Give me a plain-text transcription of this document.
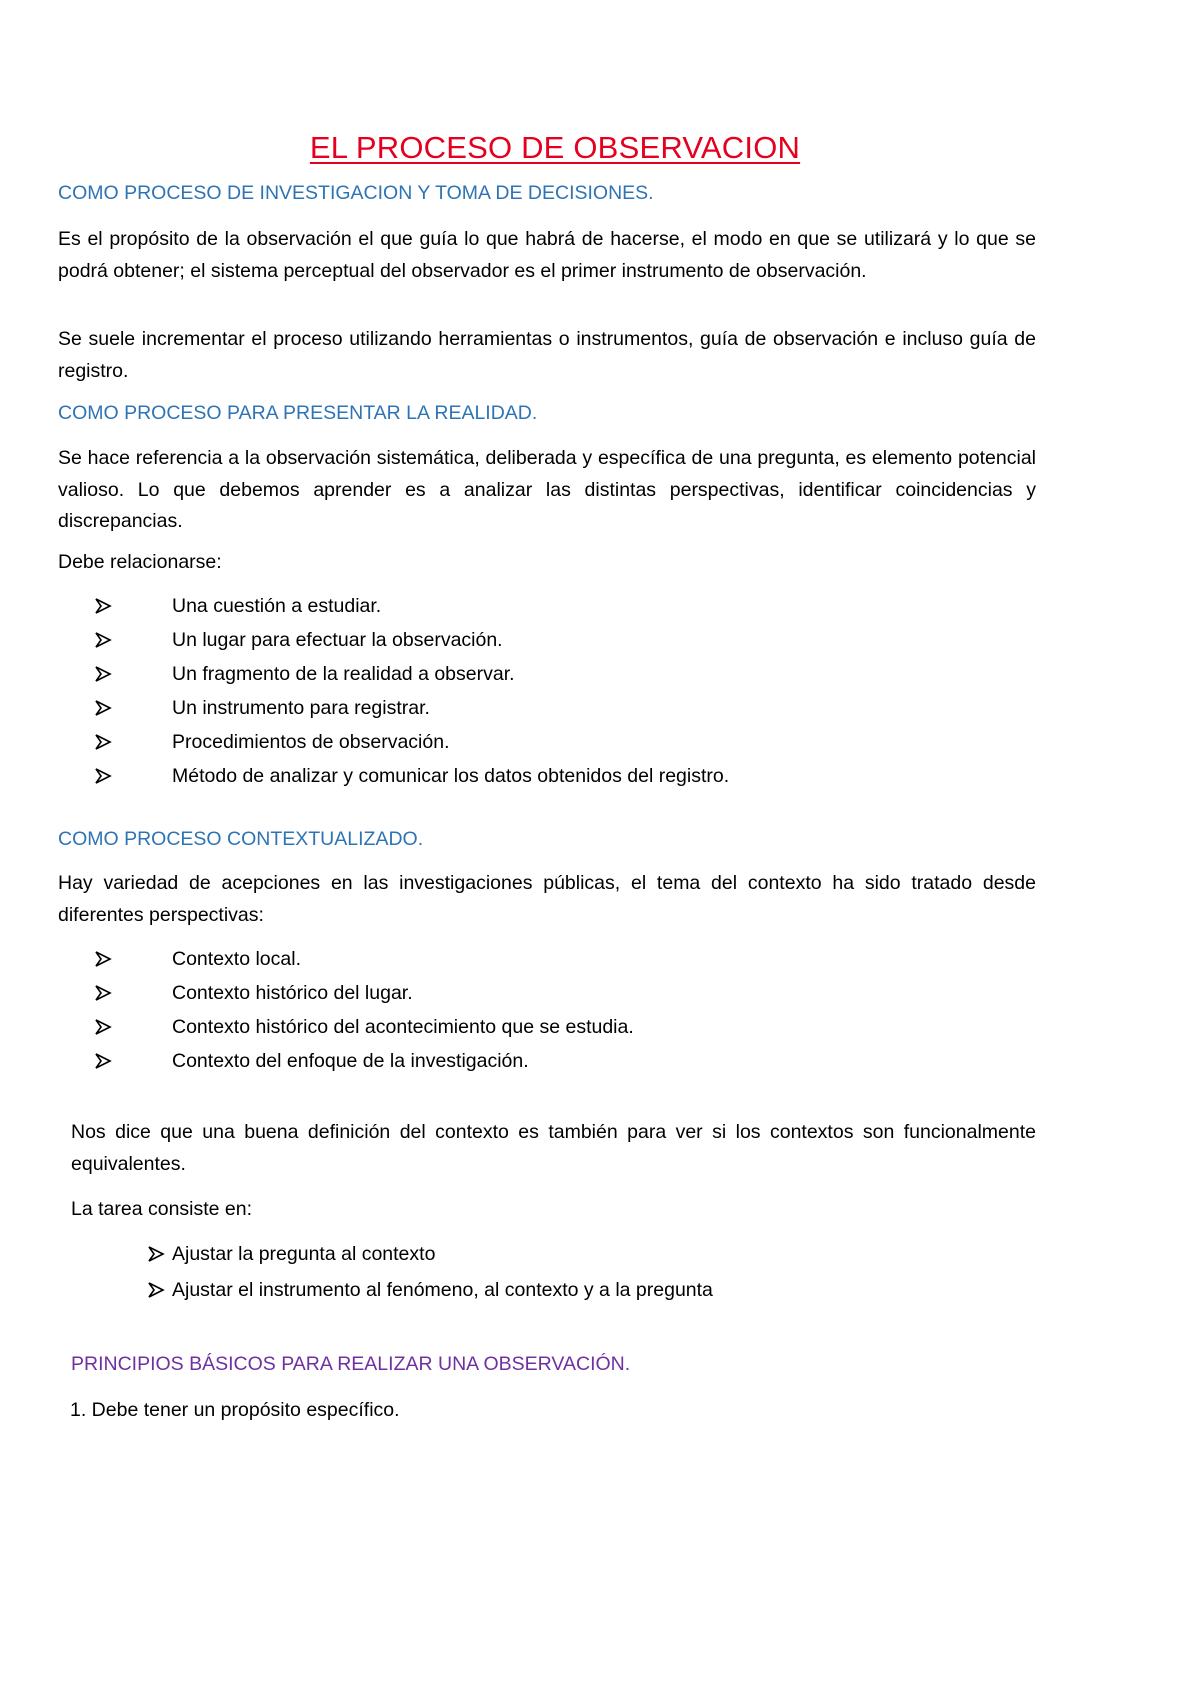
EL PROCESO DE OBSERVACION
COMO PROCESO DE INVESTIGACION Y TOMA DE DECISIONES.
Es el propósito de la observación el que guía lo que habrá de hacerse, el modo en que se utilizará y lo que se podrá obtener; el sistema perceptual del observador es el primer instrumento de observación.
Se suele incrementar el proceso utilizando herramientas o instrumentos, guía de observación e incluso guía de registro.
COMO PROCESO PARA PRESENTAR LA REALIDAD.
Se hace referencia a la observación sistemática, deliberada y específica de una pregunta, es elemento potencial valioso. Lo que debemos aprender es a analizar las distintas perspectivas, identificar coincidencias y discrepancias.
Debe relacionarse:
Una cuestión a estudiar.
Un lugar para efectuar la observación.
Un fragmento de la realidad a observar.
Un instrumento para registrar.
Procedimientos de observación.
Método de analizar y comunicar los datos obtenidos del registro.
COMO PROCESO CONTEXTUALIZADO.
Hay variedad de acepciones en las investigaciones públicas, el tema del contexto ha sido tratado desde diferentes perspectivas:
Contexto local.
Contexto histórico del lugar.
Contexto histórico del acontecimiento que se estudia.
Contexto del enfoque de la investigación.
Nos dice que una buena definición del contexto es también para ver si los contextos son funcionalmente equivalentes.
La tarea consiste en:
Ajustar la pregunta al contexto
Ajustar el instrumento al fenómeno, al contexto y a la pregunta
PRINCIPIOS BÁSICOS PARA REALIZAR UNA OBSERVACIÓN.
1. Debe tener un propósito específico.
